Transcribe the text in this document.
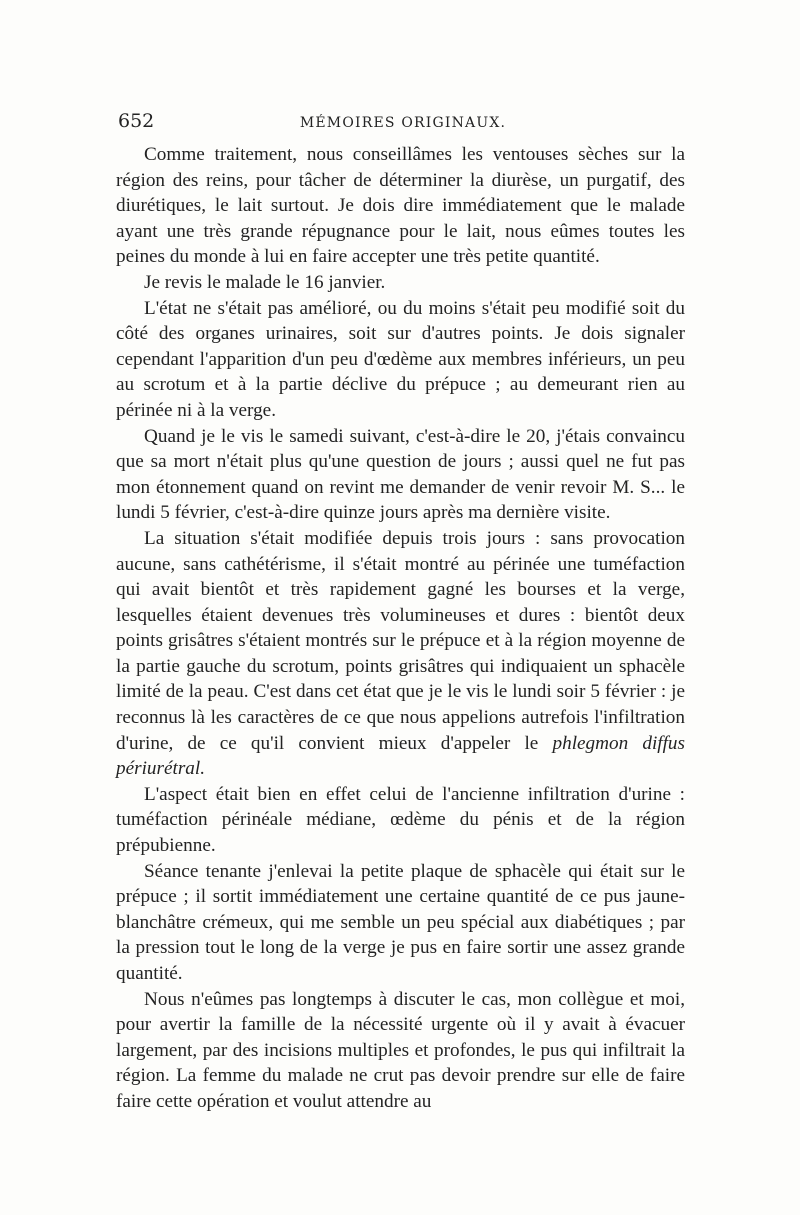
652	MÉMOIRES ORIGINAUX.

Comme traitement, nous conseillâmes les ventouses sèches sur la région des reins, pour tâcher de déterminer la diurèse, un purgatif, des diurétiques, le lait surtout. Je dois dire immédiatement que le malade ayant une très grande répugnance pour le lait, nous eûmes toutes les peines du monde à lui en faire accepter une très petite quantité.

Je revis le malade le 16 janvier.

L'état ne s'était pas amélioré, ou du moins s'était peu modifié soit du côté des organes urinaires, soit sur d'autres points. Je dois signaler cependant l'apparition d'un peu d'œdème aux membres inférieurs, un peu au scrotum et à la partie déclive du prépuce ; au demeurant rien au périnée ni à la verge.

Quand je le vis le samedi suivant, c'est-à-dire le 20, j'étais convaincu que sa mort n'était plus qu'une question de jours ; aussi quel ne fut pas mon étonnement quand on revint me demander de venir revoir M. S... le lundi 5 février, c'est-à-dire quinze jours après ma dernière visite.

La situation s'était modifiée depuis trois jours : sans provocation aucune, sans cathétérisme, il s'était montré au périnée une tuméfaction qui avait bientôt et très rapidement gagné les bourses et la verge, lesquelles étaient devenues très volumineuses et dures : bientôt deux points grisâtres s'étaient montrés sur le prépuce et à la région moyenne de la partie gauche du scrotum, points grisâtres qui indiquaient un sphacèle limité de la peau. C'est dans cet état que je le vis le lundi soir 5 février : je reconnus là les caractères de ce que nous appelions autrefois l'infiltration d'urine, de ce qu'il convient mieux d'appeler le phlegmon diffus périurétral.

L'aspect était bien en effet celui de l'ancienne infiltration d'urine : tuméfaction périnéale médiane, œdème du pénis et de la région prépubienne.

Séance tenante j'enlevai la petite plaque de sphacèle qui était sur le prépuce ; il sortit immédiatement une certaine quantité de ce pus jaune-blanchâtre crémeux, qui me semble un peu spécial aux diabétiques ; par la pression tout le long de la verge je pus en faire sortir une assez grande quantité.

Nous n'eûmes pas longtemps à discuter le cas, mon collègue et moi, pour avertir la famille de la nécessité urgente où il y avait à évacuer largement, par des incisions multiples et profondes, le pus qui infiltrait la région. La femme du malade ne crut pas devoir prendre sur elle de faire faire cette opération et voulut attendre au
